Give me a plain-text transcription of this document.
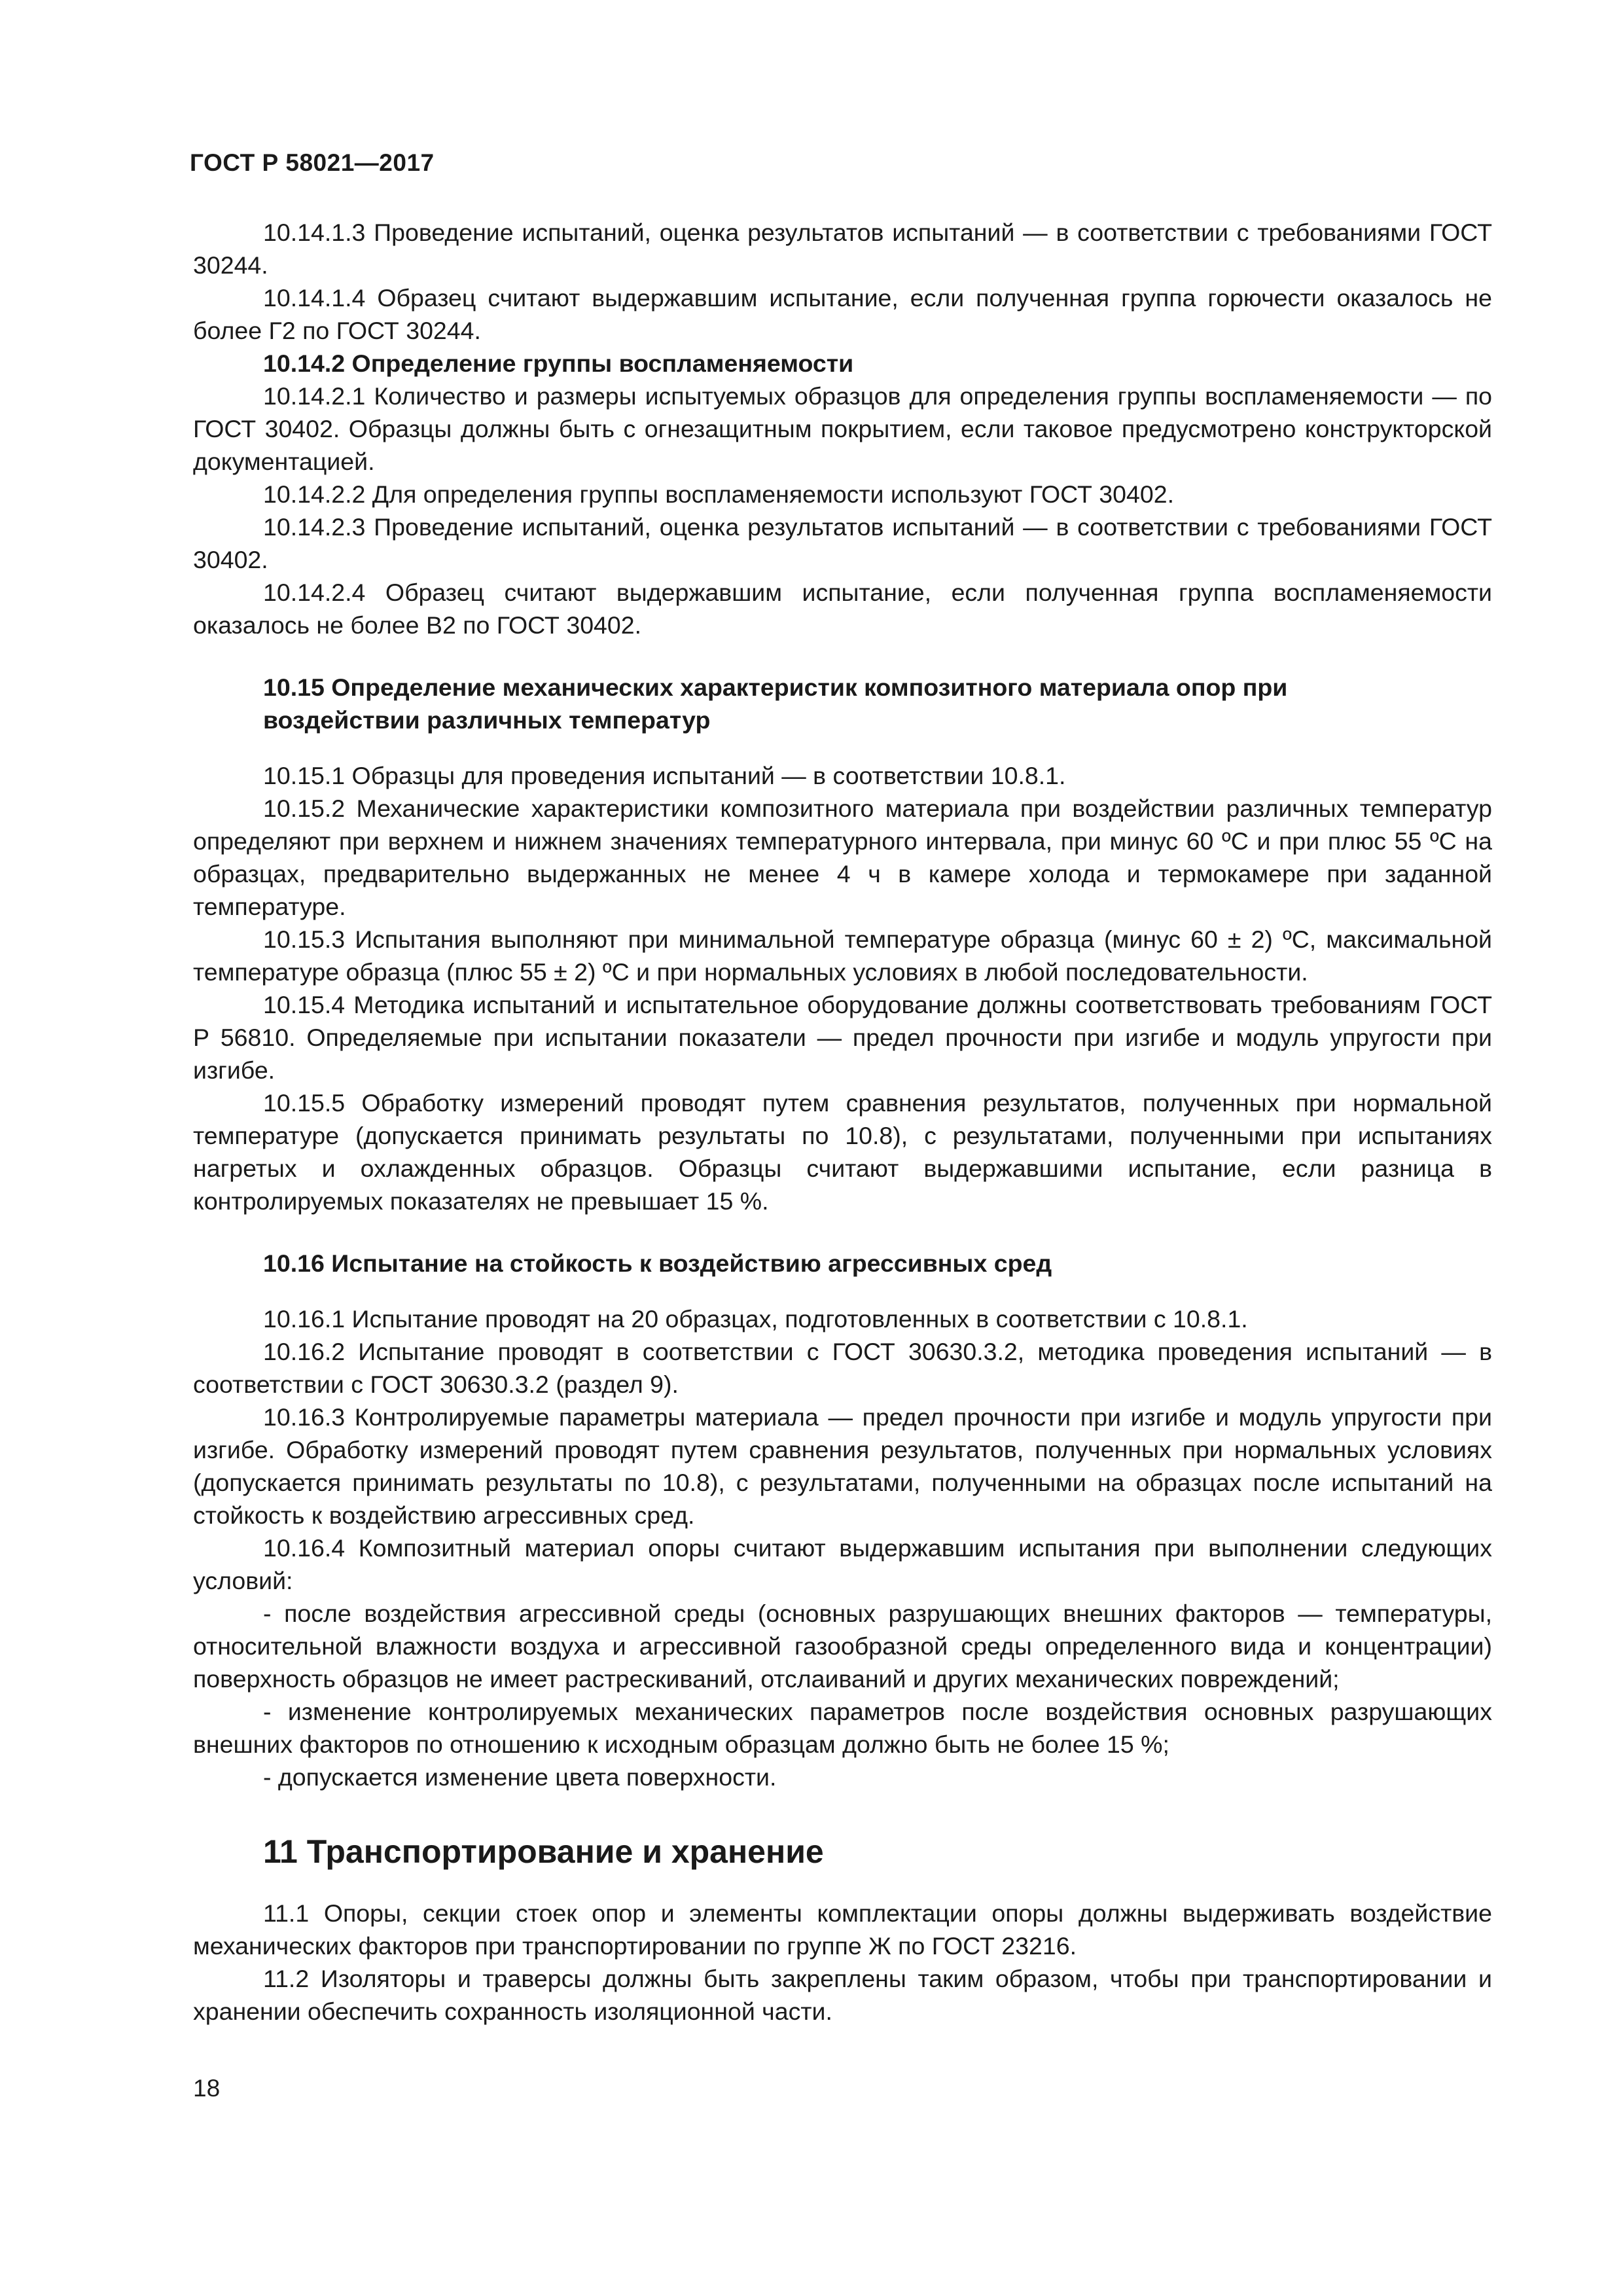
ГОСТ Р 58021—2017

10.14.1.3 Проведение испытаний, оценка результатов испытаний — в соответствии с требованиями ГОСТ 30244.

10.14.1.4 Образец считают выдержавшим испытание, если полученная группа горючести оказалось не более Г2 по ГОСТ 30244.

10.14.2 Определение группы воспламеняемости

10.14.2.1 Количество и размеры испытуемых образцов для определения группы воспламеняемости — по ГОСТ 30402. Образцы должны быть с огнезащитным покрытием, если таковое предусмотрено конструкторской документацией.

10.14.2.2 Для определения группы воспламеняемости используют ГОСТ 30402.

10.14.2.3 Проведение испытаний, оценка результатов испытаний — в соответствии с требованиями ГОСТ 30402.

10.14.2.4 Образец считают выдержавшим испытание, если полученная группа воспламеняемости оказалось не более В2 по ГОСТ 30402.

10.15 Определение механических характеристик композитного материала опор при воздействии различных температур

10.15.1 Образцы для проведения испытаний — в соответствии 10.8.1.

10.15.2 Механические характеристики композитного материала при воздействии различных температур определяют при верхнем и нижнем значениях температурного интервала, при минус 60 ºС и при плюс 55 ºС на образцах, предварительно выдержанных не менее 4 ч в камере холода и термокамере при заданной температуре.

10.15.3 Испытания выполняют при минимальной температуре образца (минус 60 ± 2) ºС, максимальной температуре образца (плюс 55 ± 2) ºС и при нормальных условиях в любой последовательности.

10.15.4 Методика испытаний и испытательное оборудование должны соответствовать требованиям ГОСТ Р 56810. Определяемые при испытании показатели — предел прочности при изгибе и модуль упругости при изгибе.

10.15.5 Обработку измерений проводят путем сравнения результатов, полученных при нормальной температуре (допускается принимать результаты по 10.8), с результатами, полученными при испытаниях нагретых и охлажденных образцов. Образцы считают выдержавшими испытание, если разница в контролируемых показателях не превышает 15 %.

10.16 Испытание на стойкость к воздействию агрессивных сред

10.16.1 Испытание проводят на 20 образцах, подготовленных в соответствии с 10.8.1.

10.16.2 Испытание проводят в соответствии с ГОСТ 30630.3.2, методика проведения испытаний — в соответствии с ГОСТ 30630.3.2 (раздел 9).

10.16.3 Контролируемые параметры материала — предел прочности при изгибе и модуль упругости при изгибе. Обработку измерений проводят путем сравнения результатов, полученных при нормальных условиях (допускается принимать результаты по 10.8), с результатами, полученными на образцах после испытаний на стойкость к воздействию агрессивных сред.

10.16.4 Композитный материал опоры считают выдержавшим испытания при выполнении следующих условий:

- после воздействия агрессивной среды (основных разрушающих внешних факторов — температуры, относительной влажности воздуха и агрессивной газообразной среды определенного вида и концентрации) поверхность образцов не имеет растрескиваний, отслаиваний и других механических повреждений;

- изменение контролируемых механических параметров после воздействия основных разрушающих внешних факторов по отношению к исходным образцам должно быть не более 15 %;

- допускается изменение цвета поверхности.

11 Транспортирование и хранение

11.1 Опоры, секции стоек опор и элементы комплектации опоры должны выдерживать воздействие механических факторов при транспортировании по группе Ж по ГОСТ 23216.

11.2 Изоляторы и траверсы должны быть закреплены таким образом, чтобы при транспортировании и хранении обеспечить сохранность изоляционной части.

18
